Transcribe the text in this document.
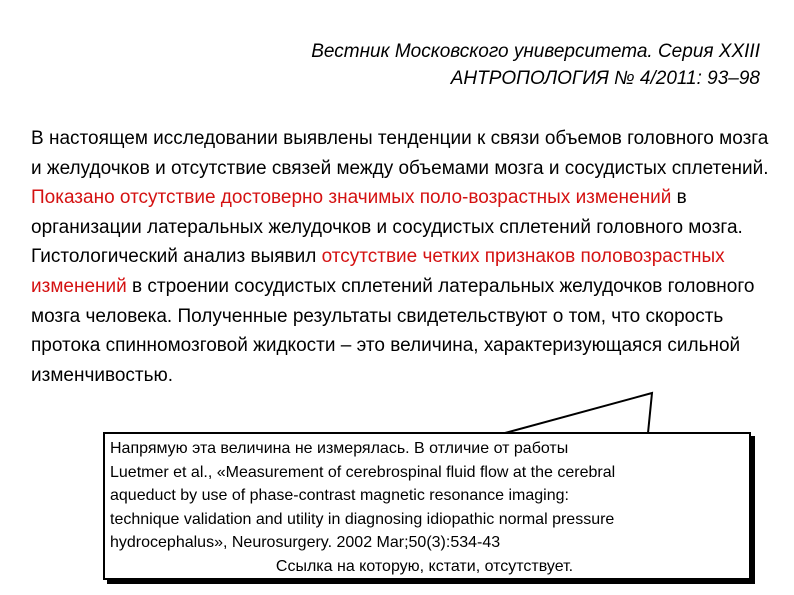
Вестник Московского университета. Серия XXIII
АНТРОПОЛОГИЯ № 4/2011: 93–98

В настоящем исследовании выявлены тенденции к связи объемов головного мозга и желудочков и отсутствие связей между объемами мозга и сосудистых сплетений. Показано отсутствие достоверно значимых поло-возрастных изменений в организации латеральных желудочков и сосудистых сплетений головного мозга. Гистологический анализ выявил отсутствие четких признаков половозрастных изменений в строении сосудистых сплетений латеральных желудочков головного мозга человека. Полученные результаты свидетельствуют о том, что скорость протока спинномозговой жидкости – это величина, характеризующаяся сильной изменчивостью.

Напрямую эта величина не измерялась. В отличие от работы
Luetmer et al., «Measurement of cerebrospinal fluid flow at the cerebral
aqueduct by use of phase-contrast magnetic resonance imaging:
technique validation and utility in diagnosing idiopathic normal pressure
hydrocephalus», Neurosurgery. 2002 Mar;50(3):534-43
Ссылка на которую, кстати, отсутствует.
